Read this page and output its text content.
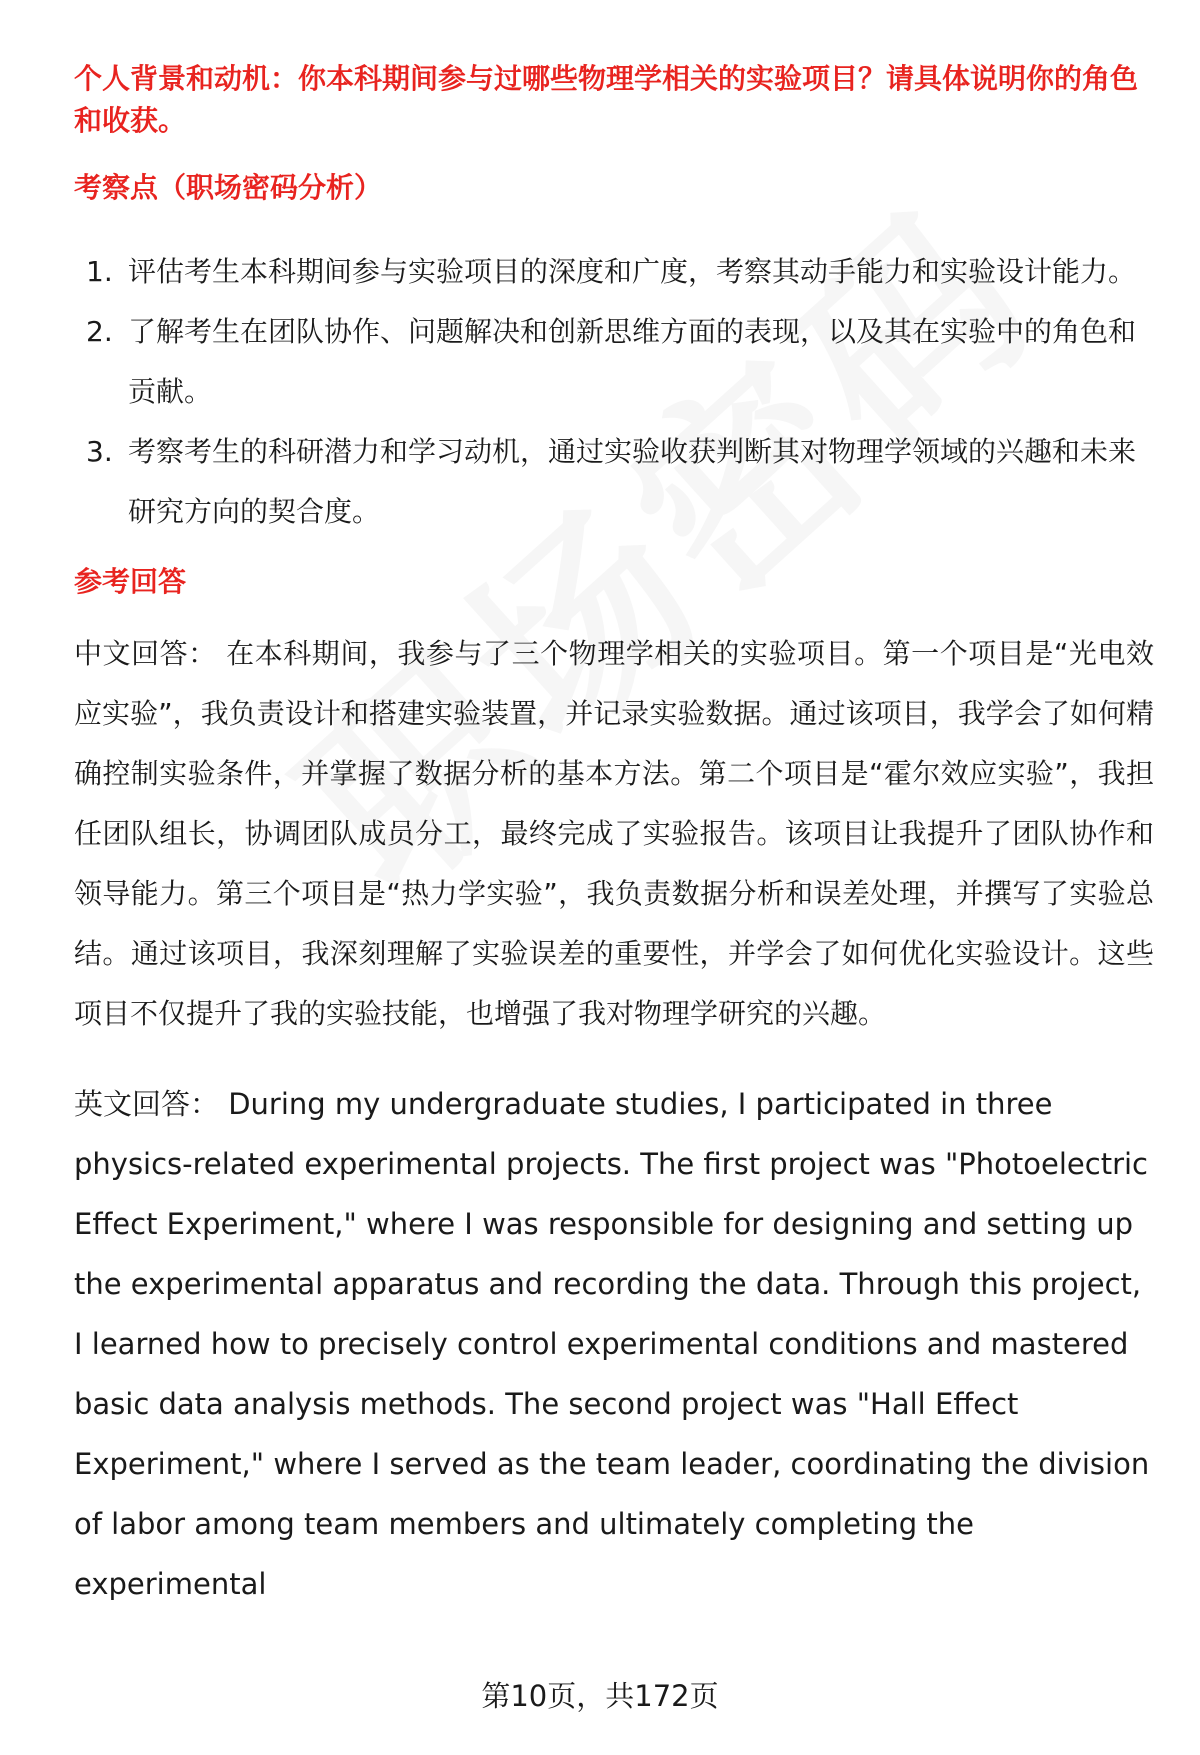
个人背景和动机：你本科期间参与过哪些物理学相关的实验项目？请具体说明你的角色和收获。

考察点（职场密码分析）
1. 评估考生本科期间参与实验项目的深度和广度，考察其动手能力和实验设计能力。
2. 了解考生在团队协作、问题解决和创新思维方面的表现，以及其在实验中的角色和贡献。
3. 考察考生的科研潜力和学习动机，通过实验收获判断其对物理学领域的兴趣和未来研究方向的契合度。
参考回答

中文回答： 在本科期间，我参与了三个物理学相关的实验项目。第一个项目是“光电效应实验”，我负责设计和搭建实验装置，并记录实验数据。通过该项目，我学会了如何精确控制实验条件，并掌握了数据分析的基本方法。第二个项目是“霍尔效应实验”，我担任团队组长，协调团队成员分工，最终完成了实验报告。该项目让我提升了团队协作和领导能力。第三个项目是“热力学实验”，我负责数据分析和误差处理，并撰写了实验总结。通过该项目，我深刻理解了实验误差的重要性，并学会了如何优化实验设计。这些项目不仅提升了我的实验技能，也增强了我对物理学研究的兴趣。

英文回答： During my undergraduate studies, I participated in three physics-related experimental projects. The first project was "Photoelectric Effect Experiment," where I was responsible for designing and setting up the experimental apparatus and recording the data. Through this project, I learned how to precisely control experimental conditions and mastered basic data analysis methods. The second project was "Hall Effect Experiment," where I served as the team leader, coordinating the division of labor among team members and ultimately completing the experimental

第10页，共172页
